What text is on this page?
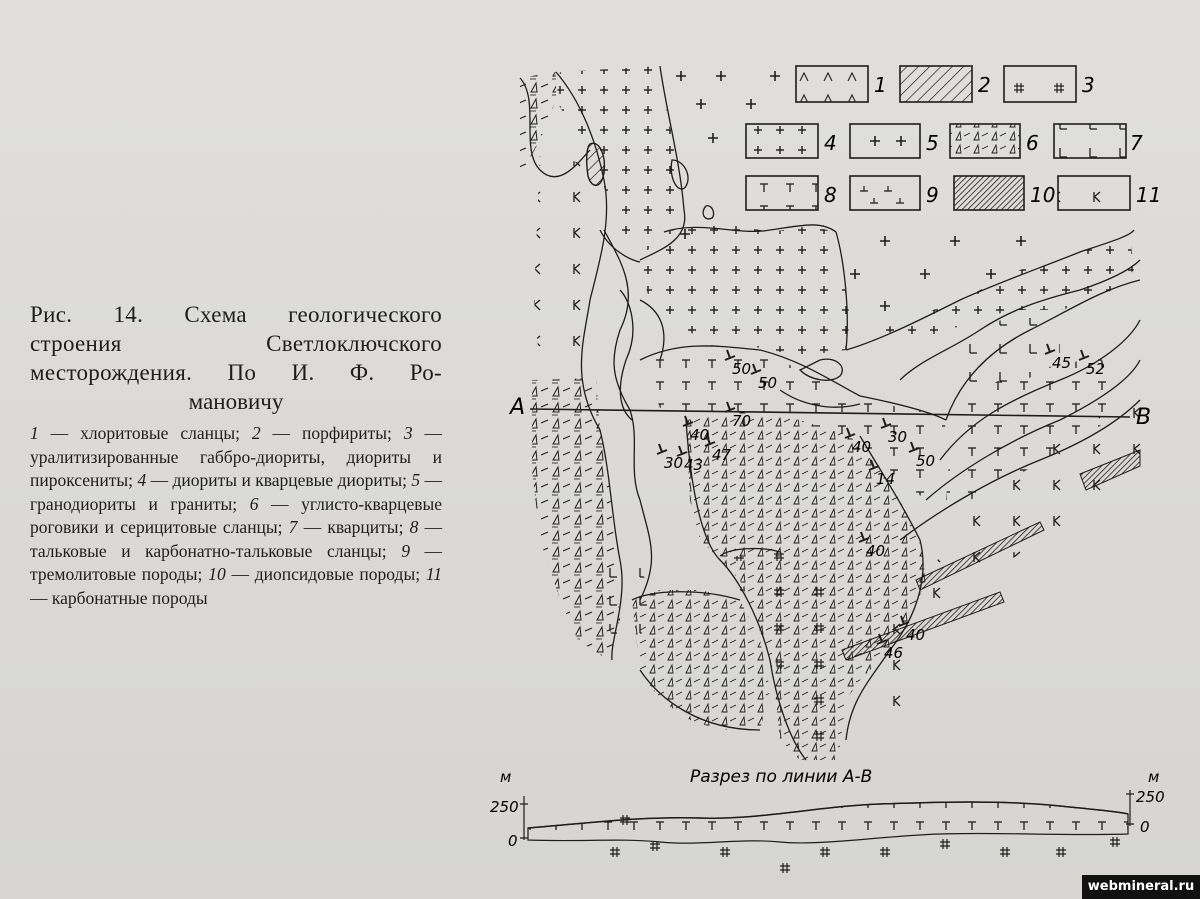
Рис. 14. Схема геологического

строения Светлоключского

месторождения. По И. Ф. Ро-

мановичу

1 — хлоритовые сланцы; 2 — порфириты; 3 — уралитизированные габбро-диориты, диориты и пироксениты; 4 — диориты и кварцевые диориты; 5 — гранодиориты и граниты; 6 — углисто-кварцевые роговики и серицитовые сланцы; 7 — кварциты; 8 — тальковые и карбонатно-тальковые сланцы; 9 — тремолитовые породы; 10 — диопсидовые породы; 11 — карбонатные породы
A	B
50
50
40
70
30
30 43
47	40
14
50
45 52
40
40
46
1	2	3
4	5	6	7
8	9	10	11
Разрез по линии А-В
м
250
0
м
250
0
webmineral.ru
